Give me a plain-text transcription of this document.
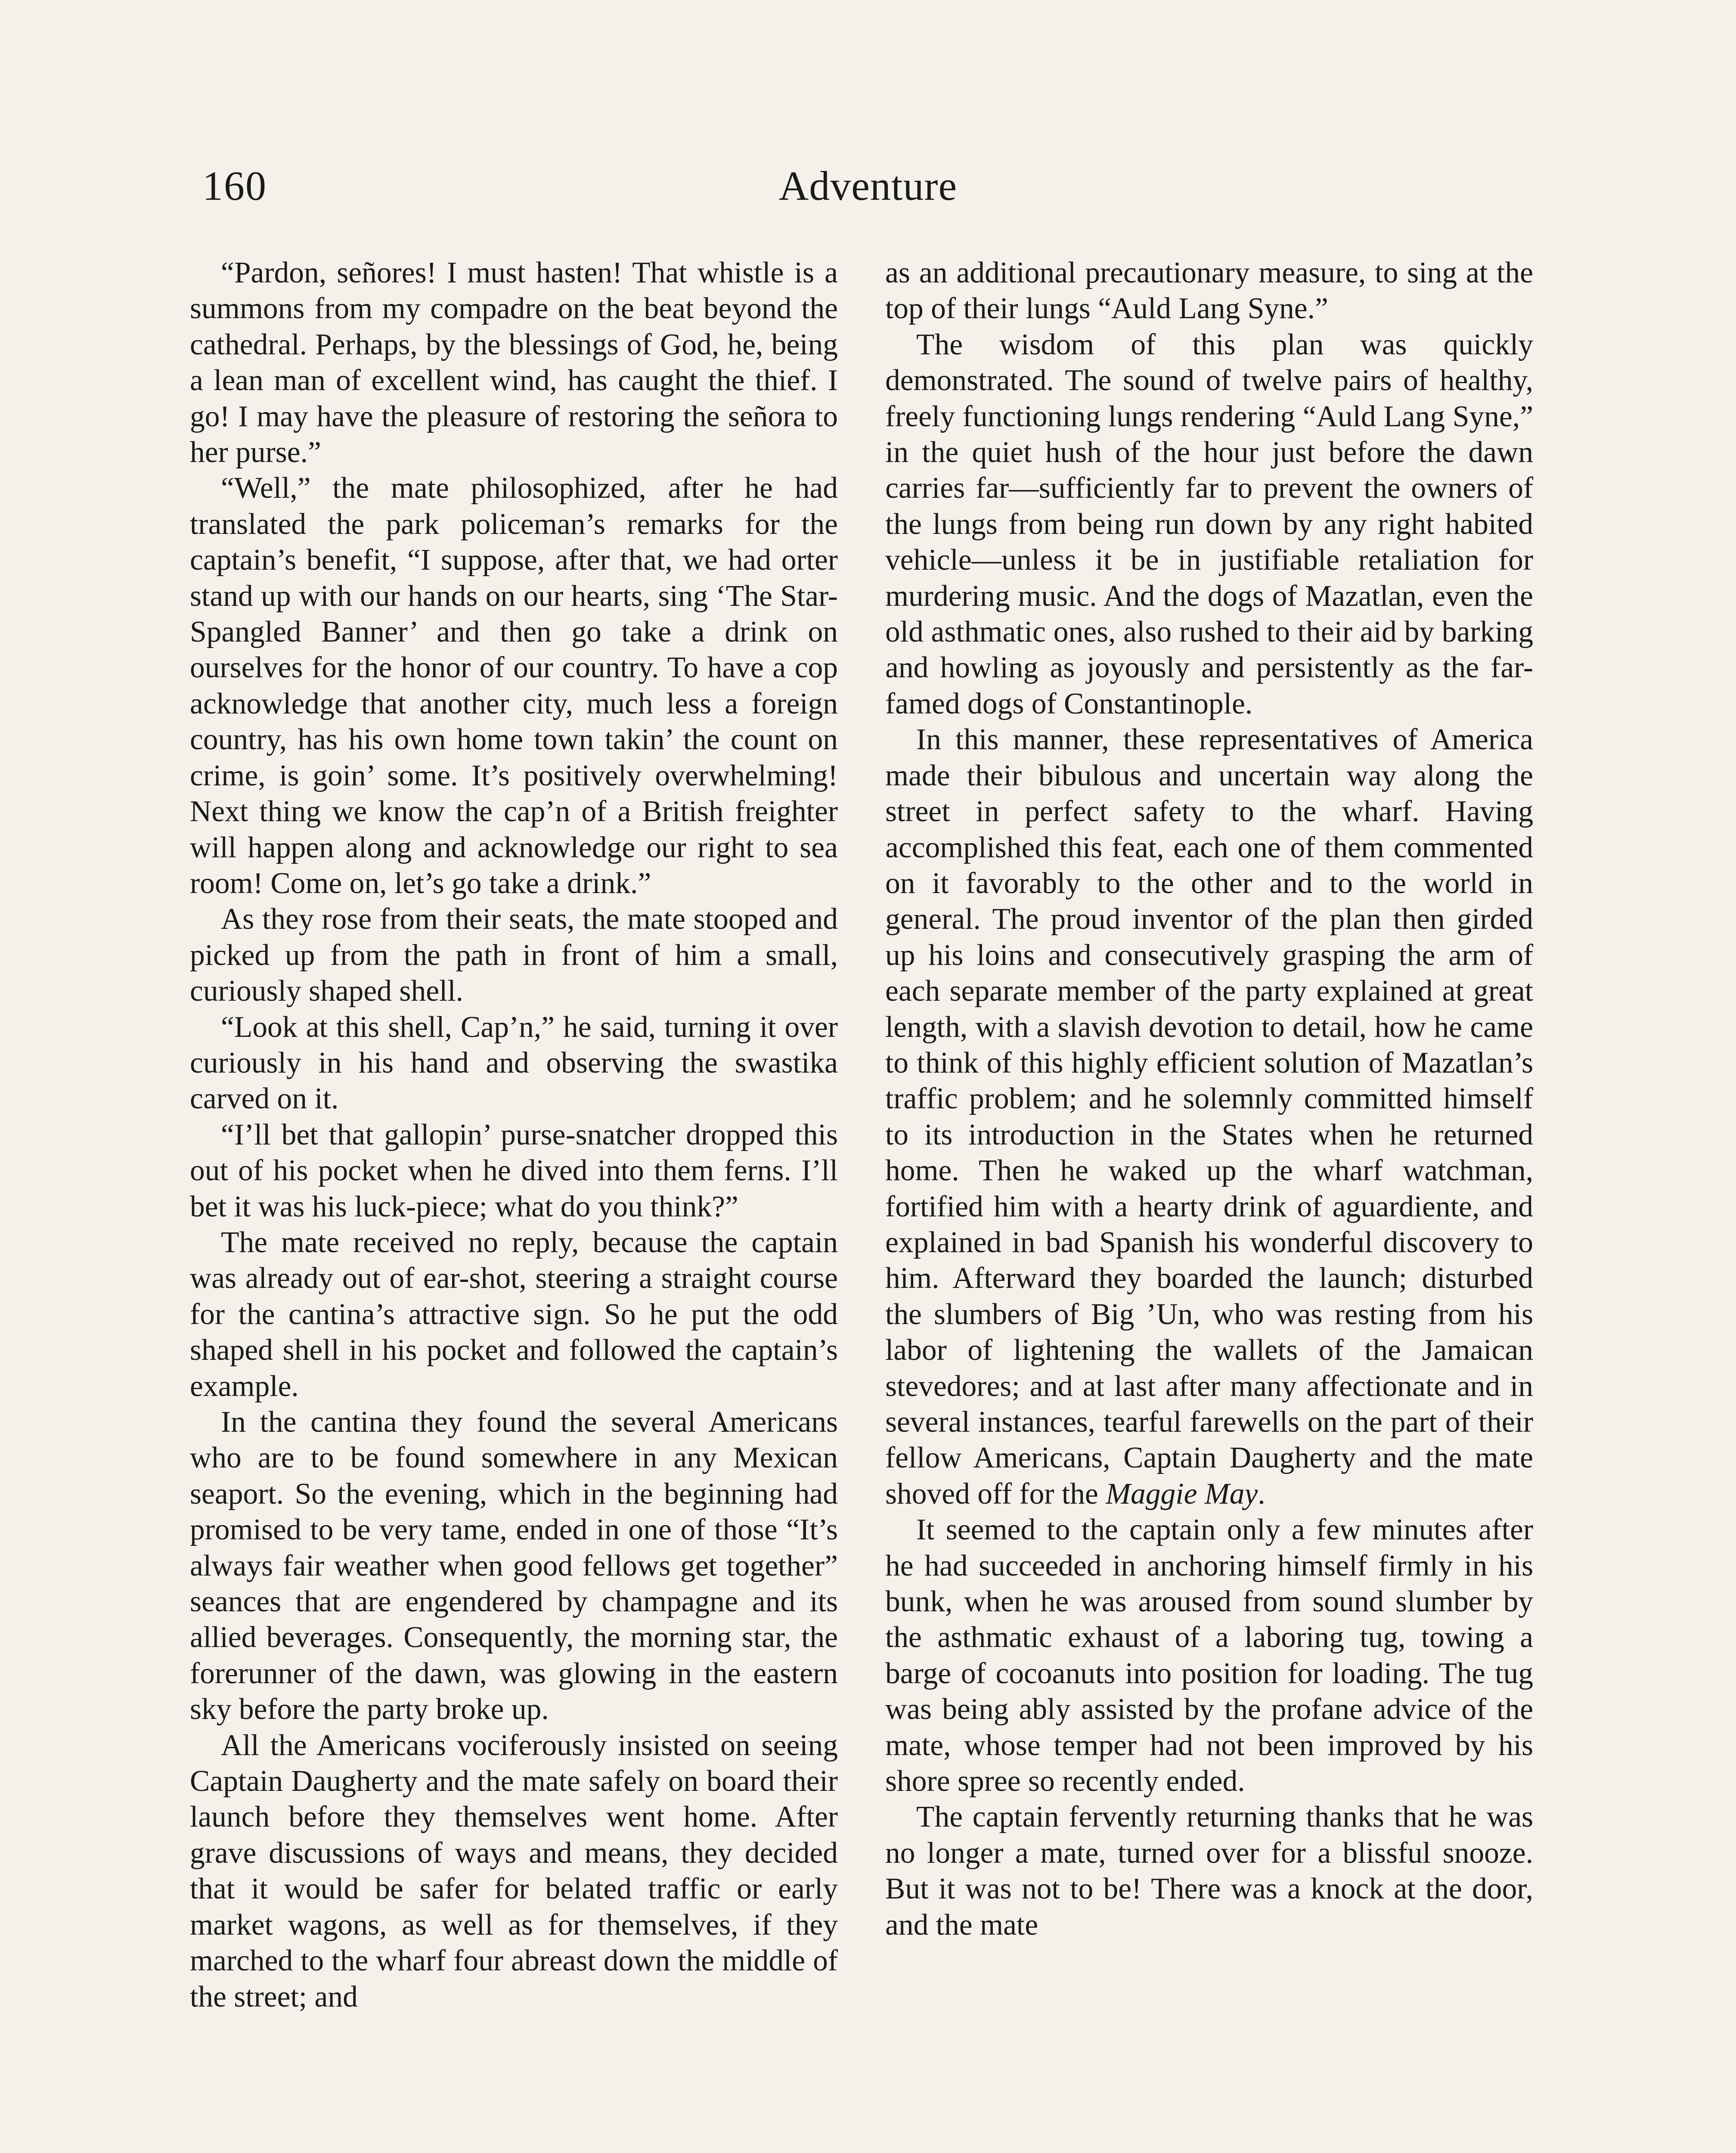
160	Adventure

“Pardon, señores! I must hasten! That whistle is a summons from my compadre on the beat beyond the cathedral. Perhaps, by the blessings of God, he, being a lean man of excellent wind, has caught the thief. I go! I may have the pleasure of restoring the señora to her purse.”

“Well,” the mate philosophized, after he had translated the park policeman’s remarks for the captain’s benefit, “I suppose, after that, we had orter stand up with our hands on our hearts, sing ‘The Star-Spangled Banner’ and then go take a drink on ourselves for the honor of our country. To have a cop acknowledge that another city, much less a foreign country, has his own home town takin’ the count on crime, is goin’ some. It’s positively overwhelming! Next thing we know the cap’n of a British freighter will happen along and acknowledge our right to sea room! Come on, let’s go take a drink.”

As they rose from their seats, the mate stooped and picked up from the path in front of him a small, curiously shaped shell.

“Look at this shell, Cap’n,” he said, turning it over curiously in his hand and observing the swastika carved on it.

“I’ll bet that gallopin’ purse-snatcher dropped this out of his pocket when he dived into them ferns. I’ll bet it was his luck-piece; what do you think?”

The mate received no reply, because the captain was already out of ear-shot, steering a straight course for the cantina’s attractive sign. So he put the odd shaped shell in his pocket and followed the captain’s example.

In the cantina they found the several Americans who are to be found somewhere in any Mexican seaport. So the evening, which in the beginning had promised to be very tame, ended in one of those “It’s always fair weather when good fellows get together” seances that are engendered by champagne and its allied beverages. Consequently, the morning star, the forerunner of the dawn, was glowing in the eastern sky before the party broke up.

All the Americans vociferously insisted on seeing Captain Daugherty and the mate safely on board their launch before they themselves went home. After grave discussions of ways and means, they decided that it would be safer for belated traffic or early market wagons, as well as for themselves, if they marched to the wharf four abreast down the middle of the street; and

as an additional precautionary measure, to sing at the top of their lungs “Auld Lang Syne.”

The wisdom of this plan was quickly demonstrated. The sound of twelve pairs of healthy, freely functioning lungs rendering “Auld Lang Syne,” in the quiet hush of the hour just before the dawn carries far—sufficiently far to prevent the owners of the lungs from being run down by any right habited vehicle—unless it be in justifiable retaliation for murdering music. And the dogs of Mazatlan, even the old asthmatic ones, also rushed to their aid by barking and howling as joyously and persistently as the far-famed dogs of Constantinople.

In this manner, these representatives of America made their bibulous and uncertain way along the street in perfect safety to the wharf. Having accomplished this feat, each one of them commented on it favorably to the other and to the world in general. The proud inventor of the plan then girded up his loins and consecutively grasping the arm of each separate member of the party explained at great length, with a slavish devotion to detail, how he came to think of this highly efficient solution of Mazatlan’s traffic problem; and he solemnly committed himself to its introduction in the States when he returned home. Then he waked up the wharf watchman, fortified him with a hearty drink of aguardiente, and explained in bad Spanish his wonderful discovery to him. Afterward they boarded the launch; disturbed the slumbers of Big ’Un, who was resting from his labor of lightening the wallets of the Jamaican stevedores; and at last after many affectionate and in several instances, tearful farewells on the part of their fellow Americans, Captain Daugherty and the mate shoved off for the Maggie May.

It seemed to the captain only a few minutes after he had succeeded in anchoring himself firmly in his bunk, when he was aroused from sound slumber by the asthmatic exhaust of a laboring tug, towing a barge of cocoanuts into position for loading. The tug was being ably assisted by the profane advice of the mate, whose temper had not been improved by his shore spree so recently ended.

The captain fervently returning thanks that he was no longer a mate, turned over for a blissful snooze. But it was not to be! There was a knock at the door, and the mate
